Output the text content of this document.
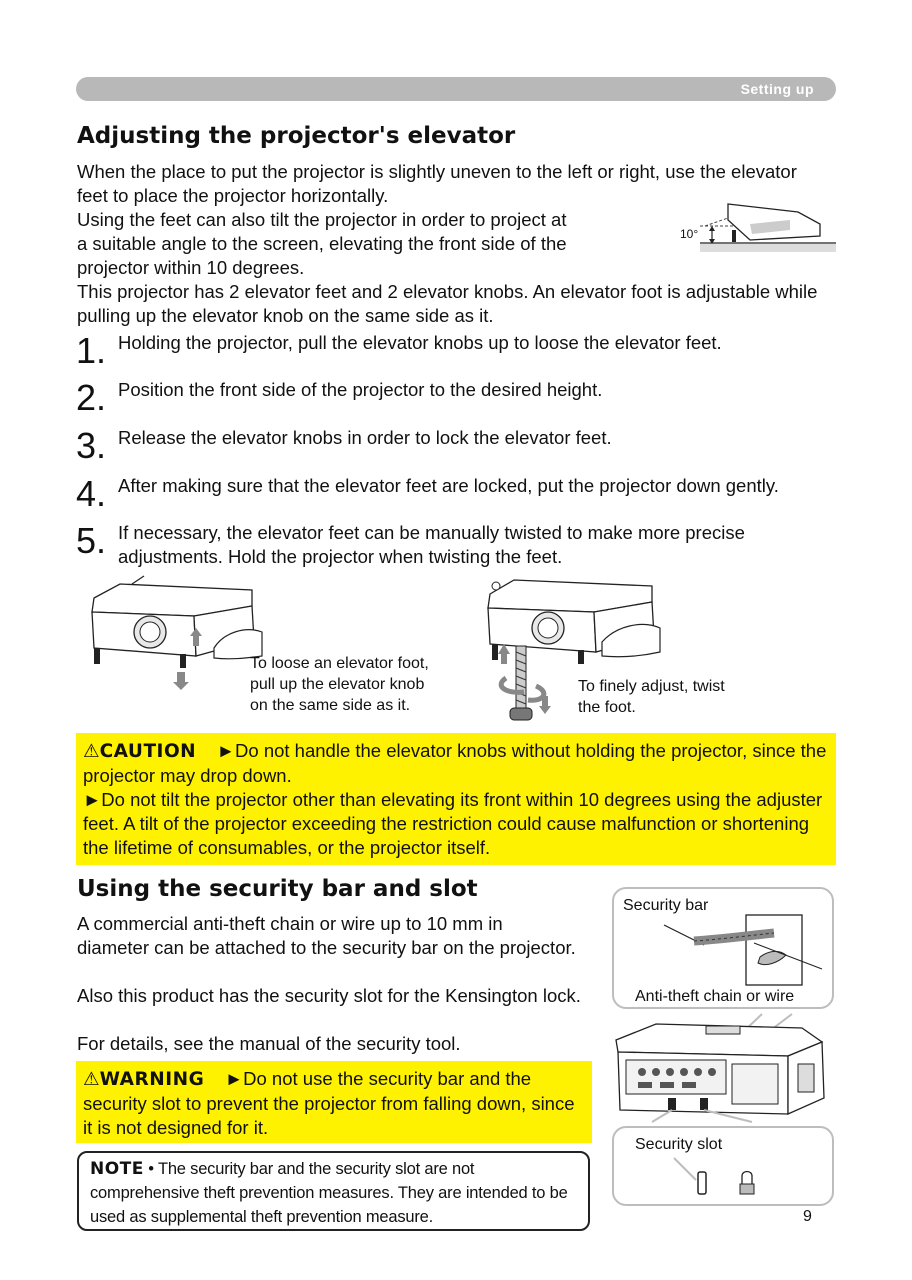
Setting up
Adjusting the projector's elevator

When the place to put the projector is slightly uneven to the left or right, use the elevator feet to place the projector horizontally.

Using the feet can also tilt the projector in order to project at

a suitable angle to the screen, elevating the front side of the

projector within 10 degrees.

This projector has 2 elevator feet and 2 elevator knobs. An elevator foot is adjustable while pulling up the elevator knob on the same side as it.

10°
1. Holding the projector, pull the elevator knobs up to loose the elevator feet.
2. Position the front side of the projector to the desired height.
3. Release the elevator knobs in order to lock the elevator feet.
4. After making sure that the elevator feet are locked, put the projector down gently.
5. If necessary, the elevator feet can be manually twisted to make more precise adjustments. Hold the projector when twisting the feet.
To loose an elevator foot,
pull up the elevator knob
on the same side as it.
To finely adjust, twist
the foot.
⚠CAUTION ►Do not handle the elevator knobs without holding the projector, since the projector may drop down.
►Do not tilt the projector other than elevating its front within 10 degrees using the adjuster feet. A tilt of the projector exceeding the restriction could cause malfunction or shortening the lifetime of consumables, or the projector itself.
Using the security bar and slot

A commercial anti-theft chain or wire up to 10 mm in diameter can be attached to the security bar on the projector.

Also this product has the security slot for the Kensington lock.

For details, see the manual of the security tool.

⚠WARNING ►Do not use the security bar and the security slot to prevent the projector from falling down, since it is not designed for it.
NOTE • The security bar and the security slot are not comprehensive theft prevention measures. They are intended to be used as supplemental theft prevention measure.
Security bar
Anti-theft chain or wire
Security slot
9
